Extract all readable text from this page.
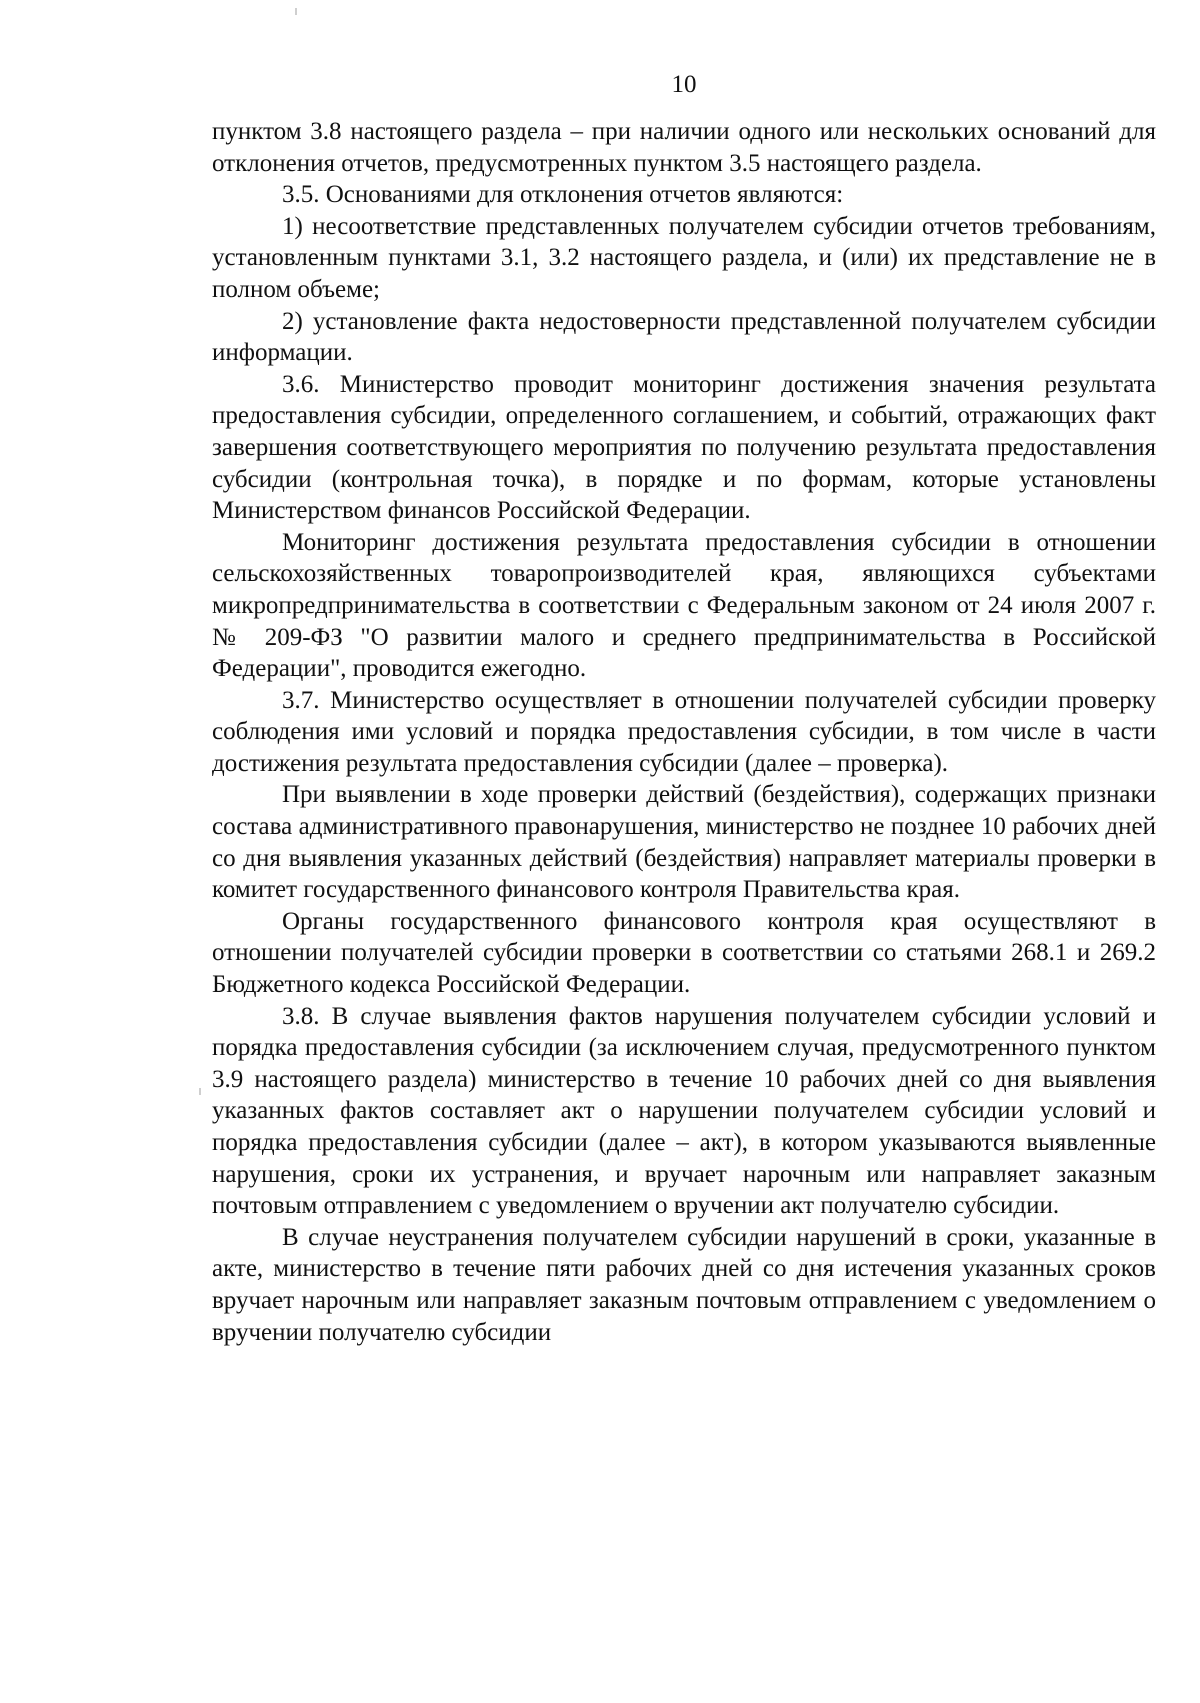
10

пунктом 3.8 настоящего раздела – при наличии одного или нескольких оснований для отклонения отчетов, предусмотренных пунктом 3.5 настоящего раздела.

3.5. Основаниями для отклонения отчетов являются:

1) несоответствие представленных получателем субсидии отчетов требованиям, установленным пунктами 3.1, 3.2 настоящего раздела, и (или) их представление не в полном объеме;

2) установление факта недостоверности представленной получателем субсидии информации.

3.6. Министерство проводит мониторинг достижения значения результата предоставления субсидии, определенного соглашением, и событий, отражающих факт завершения соответствующего мероприятия по получению результата предоставления субсидии (контрольная точка), в порядке и по формам, которые установлены Министерством финансов Российской Федерации.

Мониторинг достижения результата предоставления субсидии в отношении сельскохозяйственных товаропроизводителей края, являющихся субъектами микропредпринимательства в соответствии с Федеральным законом от 24 июля 2007 г. № 209-ФЗ "О развитии малого и среднего предпринимательства в Российской Федерации", проводится ежегодно.

3.7. Министерство осуществляет в отношении получателей субсидии проверку соблюдения ими условий и порядка предоставления субсидии, в том числе в части достижения результата предоставления субсидии (далее – проверка).

При выявлении в ходе проверки действий (бездействия), содержащих признаки состава административного правонарушения, министерство не позднее 10 рабочих дней со дня выявления указанных действий (бездействия) направляет материалы проверки в комитет государственного финансового контроля Правительства края.

Органы государственного финансового контроля края осуществляют в отношении получателей субсидии проверки в соответствии со статьями 268.1 и 269.2 Бюджетного кодекса Российской Федерации.

3.8. В случае выявления фактов нарушения получателем субсидии условий и порядка предоставления субсидии (за исключением случая, предусмотренного пунктом 3.9 настоящего раздела) министерство в течение 10 рабочих дней со дня выявления указанных фактов составляет акт о нарушении получателем субсидии условий и порядка предоставления субсидии (далее – акт), в котором указываются выявленные нарушения, сроки их устранения, и вручает нарочным или направляет заказным почтовым отправлением с уведомлением о вручении акт получателю субсидии.

В случае неустранения получателем субсидии нарушений в сроки, указанные в акте, министерство в течение пяти рабочих дней со дня истечения указанных сроков вручает нарочным или направляет заказным почтовым отправлением с уведомлением о вручении получателю субсидии
